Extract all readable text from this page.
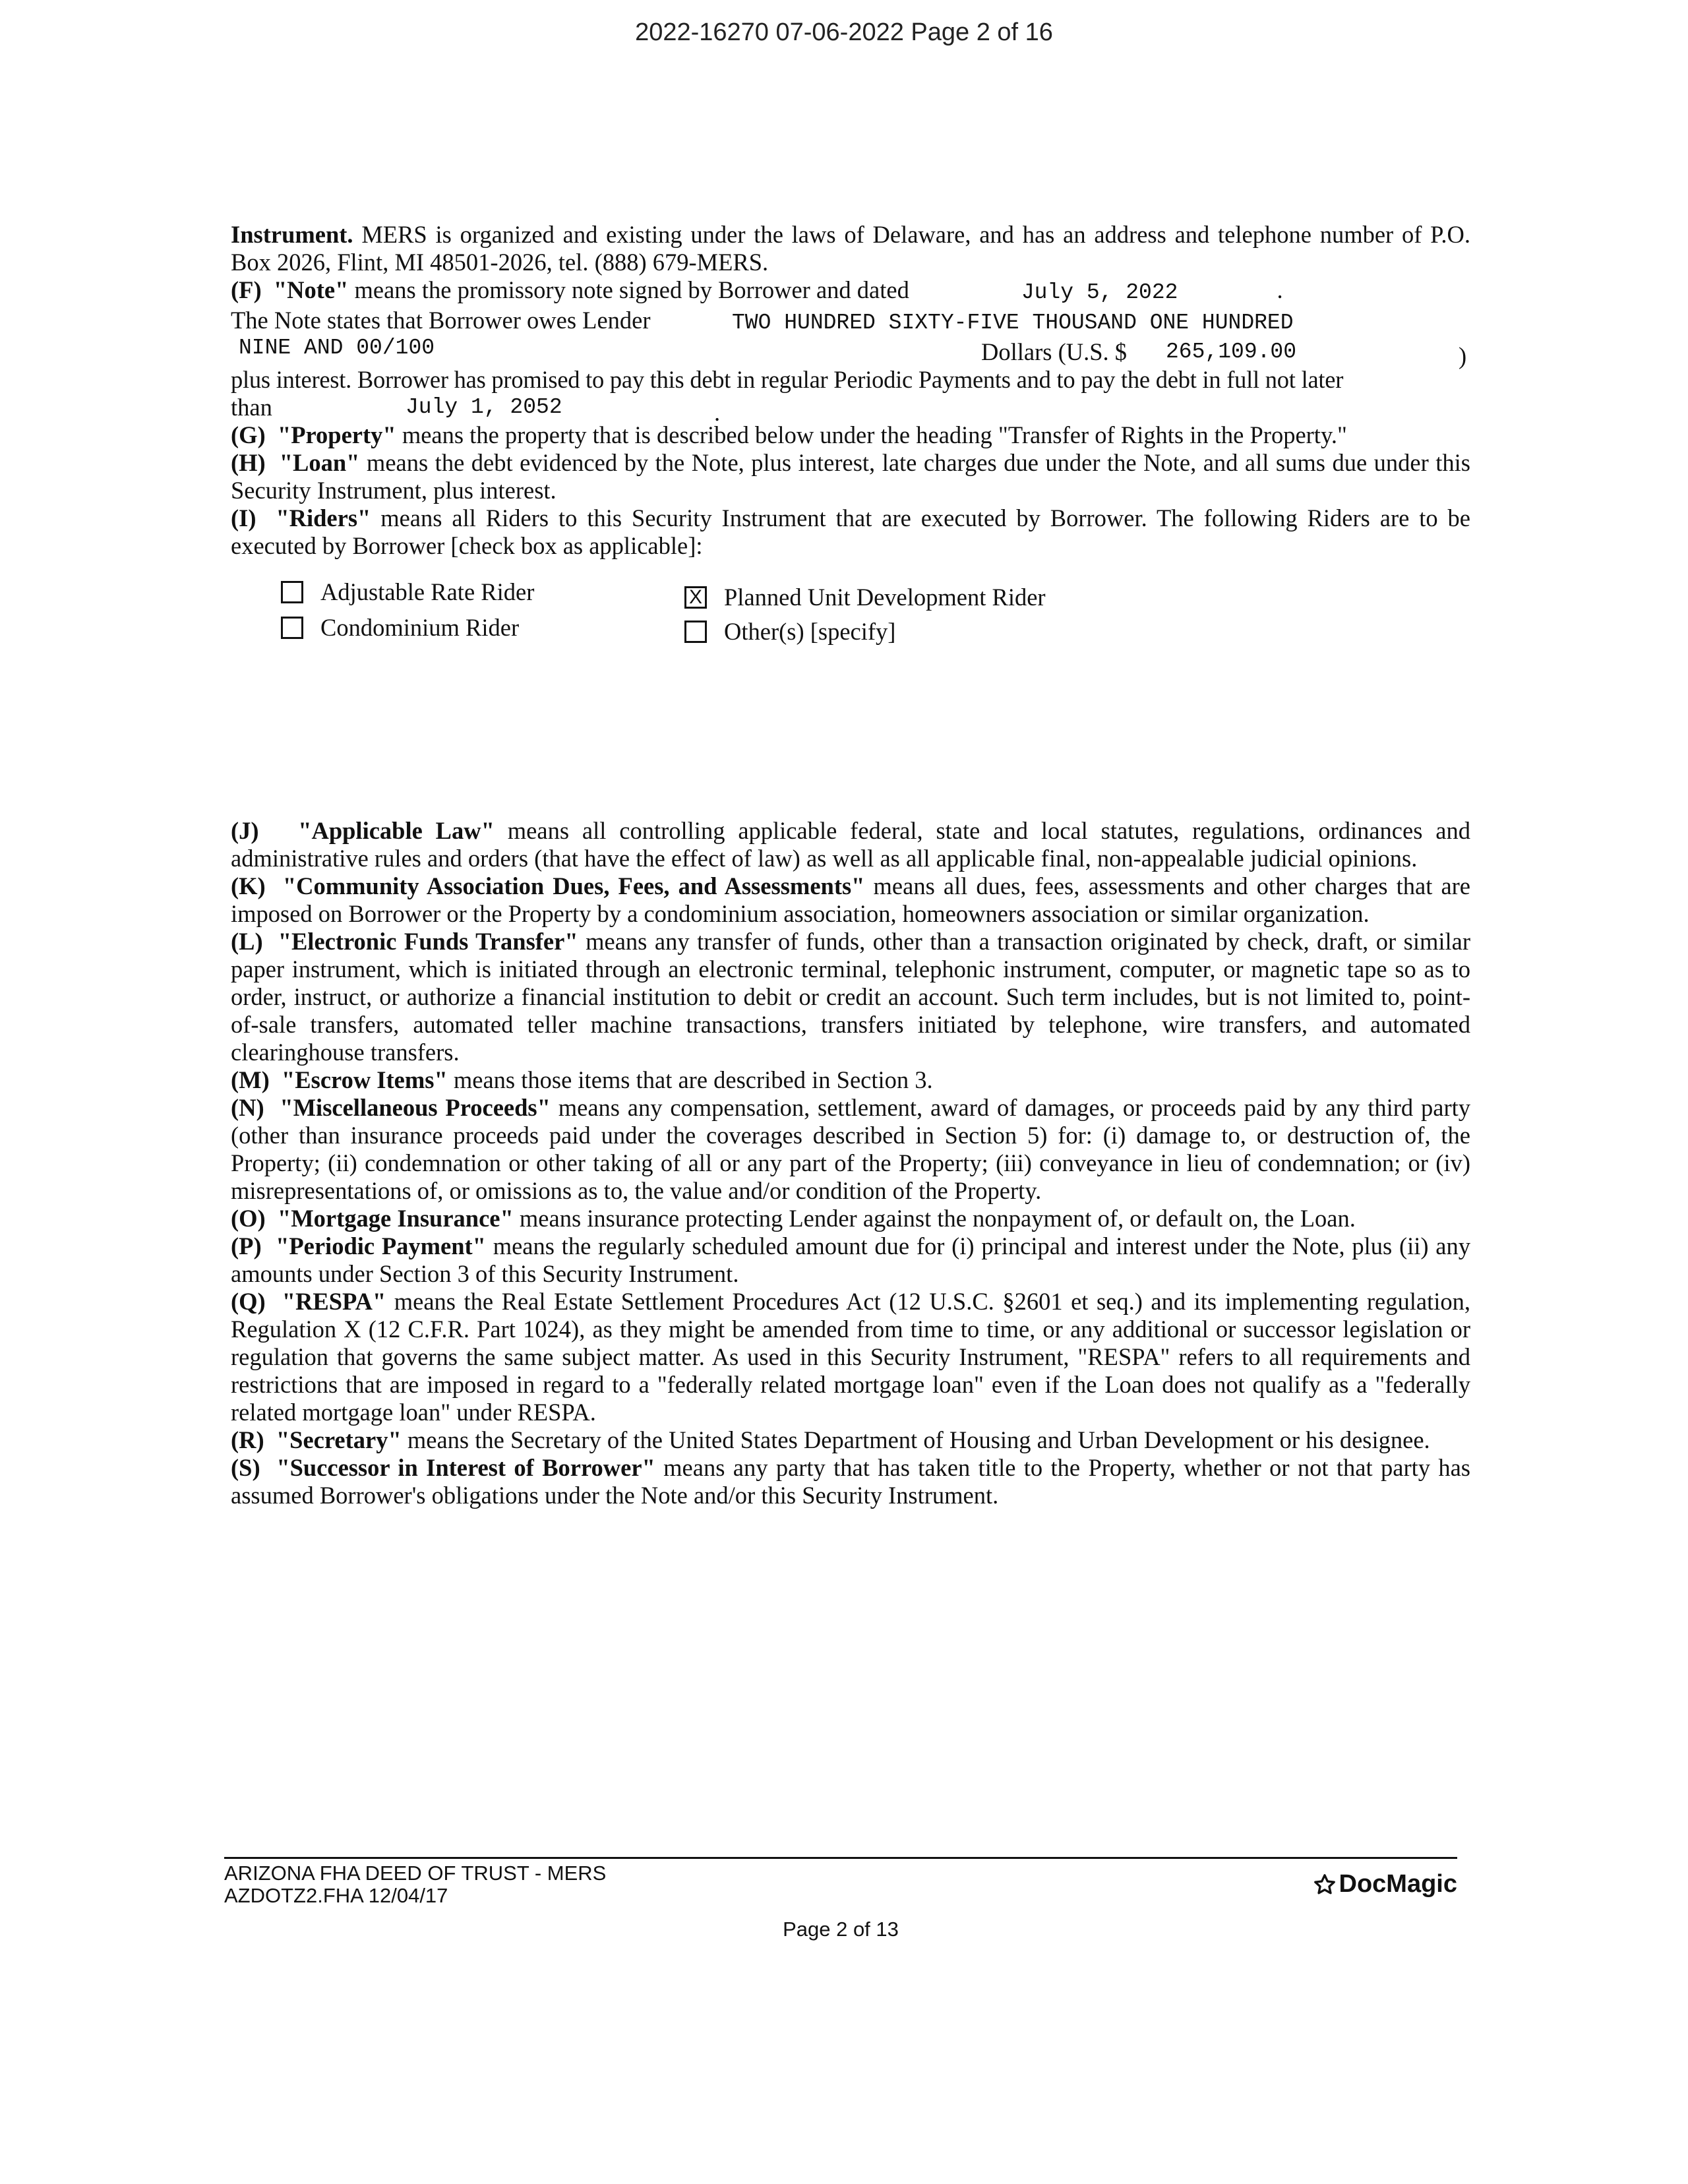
2022-16270 07-06-2022 Page 2 of 16

Instrument. MERS is organized and existing under the laws of Delaware, and has an address and telephone number of P.O. Box 2026, Flint, MI 48501-2026, tel. (888) 679-MERS.

(F) "Note" means the promissory note signed by Borrower and dated	July 5, 2022	.

The Note states that Borrower owes Lender	TWO HUNDRED SIXTY-FIVE THOUSAND ONE HUNDRED
NINE AND 00/100	Dollars (U.S. $ 265,109.00	)

plus interest. Borrower has promised to pay this debt in regular Periodic Payments and to pay the debt in full not later

than	July 1, 2052	.

(G) "Property" means the property that is described below under the heading "Transfer of Rights in the Property."

(H) "Loan" means the debt evidenced by the Note, plus interest, late charges due under the Note, and all sums due under this Security Instrument, plus interest.

(I) "Riders" means all Riders to this Security Instrument that are executed by Borrower. The following Riders are to be executed by Borrower [check box as applicable]:

Adjustable Rate Rider
Condominium Rider
X Planned Unit Development Rider
Other(s) [specify]

(J) "Applicable Law" means all controlling applicable federal, state and local statutes, regulations, ordinances and administrative rules and orders (that have the effect of law) as well as all applicable final, non-appealable judicial opinions.

(K) "Community Association Dues, Fees, and Assessments" means all dues, fees, assessments and other charges that are imposed on Borrower or the Property by a condominium association, homeowners association or similar organization.

(L) "Electronic Funds Transfer" means any transfer of funds, other than a transaction originated by check, draft, or similar paper instrument, which is initiated through an electronic terminal, telephonic instrument, computer, or magnetic tape so as to order, instruct, or authorize a financial institution to debit or credit an account. Such term includes, but is not limited to, point-of-sale transfers, automated teller machine transactions, transfers initiated by telephone, wire transfers, and automated clearinghouse transfers.

(M) "Escrow Items" means those items that are described in Section 3.

(N) "Miscellaneous Proceeds" means any compensation, settlement, award of damages, or proceeds paid by any third party (other than insurance proceeds paid under the coverages described in Section 5) for: (i) damage to, or destruction of, the Property; (ii) condemnation or other taking of all or any part of the Property; (iii) conveyance in lieu of condemnation; or (iv) misrepresentations of, or omissions as to, the value and/or condition of the Property.

(O) "Mortgage Insurance" means insurance protecting Lender against the nonpayment of, or default on, the Loan.

(P) "Periodic Payment" means the regularly scheduled amount due for (i) principal and interest under the Note, plus (ii) any amounts under Section 3 of this Security Instrument.

(Q) "RESPA" means the Real Estate Settlement Procedures Act (12 U.S.C. §2601 et seq.) and its implementing regulation, Regulation X (12 C.F.R. Part 1024), as they might be amended from time to time, or any additional or successor legislation or regulation that governs the same subject matter. As used in this Security Instrument, "RESPA" refers to all requirements and restrictions that are imposed in regard to a "federally related mortgage loan" even if the Loan does not qualify as a "federally related mortgage loan" under RESPA.

(R) "Secretary" means the Secretary of the United States Department of Housing and Urban Development or his designee.

(S) "Successor in Interest of Borrower" means any party that has taken title to the Property, whether or not that party has assumed Borrower's obligations under the Note and/or this Security Instrument.

ARIZONA FHA DEED OF TRUST - MERS
AZDOTZ2.FHA 12/04/17	DocMagic
Page 2 of 13
